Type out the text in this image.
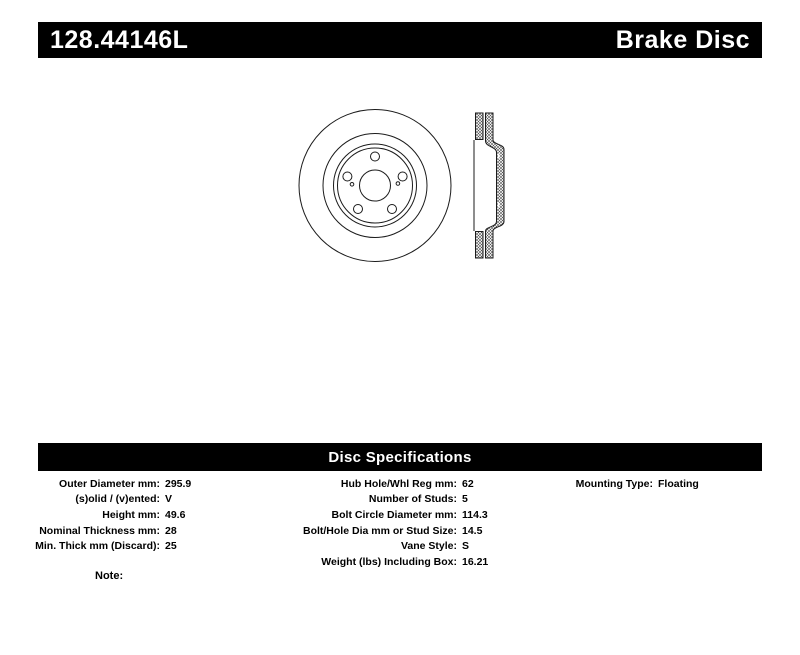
128.44146L	Brake Disc
Disc Specifications
Outer Diameter mm: 295.9
(s)olid / (v)ented: V
Height mm: 49.6
Nominal Thickness mm: 28
Min. Thick mm (Discard): 25
Hub Hole/Whl Reg mm: 62
Number of Studs: 5
Bolt Circle Diameter mm: 114.3
Bolt/Hole Dia mm or Stud Size: 14.5
Vane Style: S
Weight (lbs) Including Box: 16.21
Mounting Type: Floating
Note:
